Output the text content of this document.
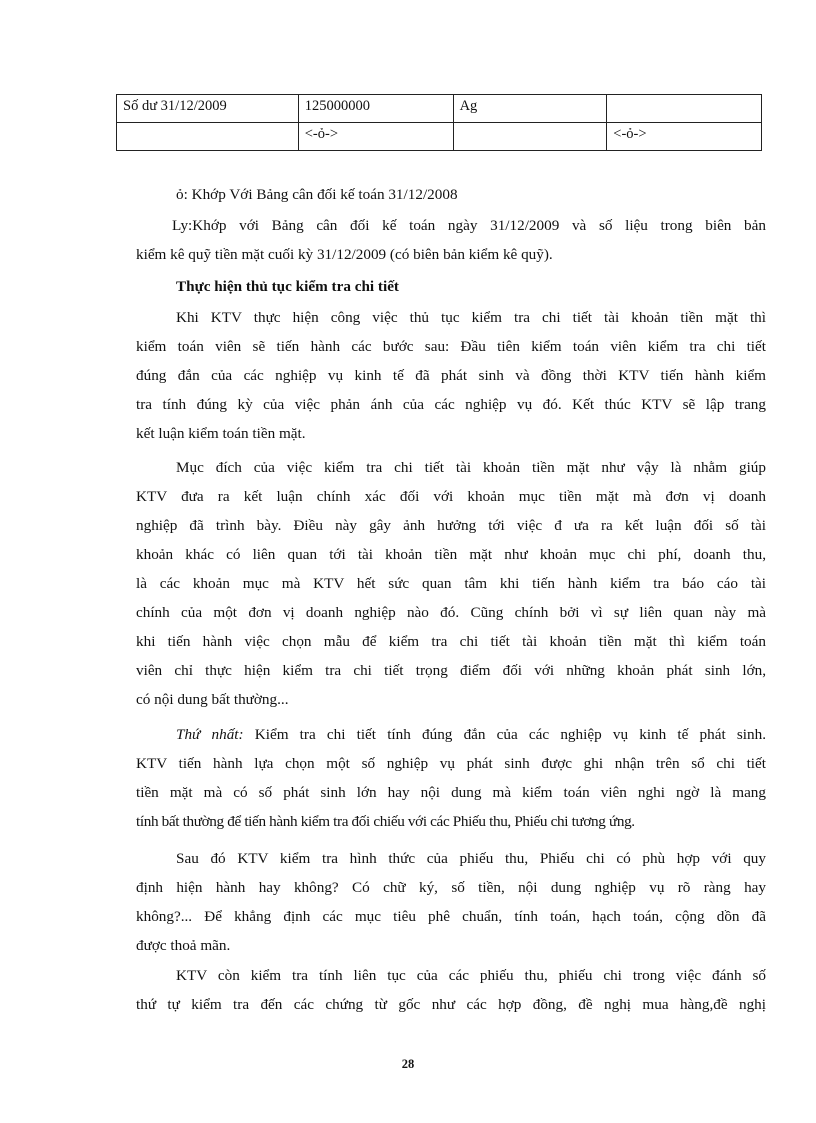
Số dư 31/12/2009	125000000	Ag	
	<-ỏ->		<-ỏ->

ỏ: Khớp Với Bảng cân đối kế toán 31/12/2008

Ly:Khớp với Bảng cân đối kế toán ngày 31/12/2009 và số liệu trong biên bản
kiểm kê quỹ tiền mặt cuối kỳ 31/12/2009 (có biên bản kiểm kê quỹ).

Thực hiện thủ tục kiểm tra chi tiết

Khi KTV thực hiện công việc thủ tục kiểm tra chi tiết tài khoản tiền mặt thì
kiểm toán viên sẽ tiến hành các bước sau: Đầu tiên kiểm toán viên kiểm tra chi tiết
đúng đắn của các nghiệp vụ kinh tế đã phát sinh và đồng thời KTV tiến hành kiểm
tra tính đúng kỳ của việc phản ánh của các nghiệp vụ đó. Kết thúc KTV sẽ lập trang
kết luận kiểm toán tiền mặt.

Mục đích của việc kiểm tra chi tiết tài khoản tiền mặt như vậy là nhằm giúp
KTV đưa ra kết luận chính xác đối với khoản mục tiền mặt mà đơn vị doanh
nghiệp đã trình bày. Điều này gây ảnh hưởng tới việc đ ưa ra kết luận đối số tài
khoản khác có liên quan tới tài khoản tiền mặt như khoản mục chi phí, doanh thu,
là các khoản mục mà KTV hết sức quan tâm khi tiến hành kiểm tra báo cáo tài
chính của một đơn vị doanh nghiệp nào đó. Cũng chính bởi vì sự liên quan này mà
khi tiến hành việc chọn mẫu để kiểm tra chi tiết tài khoản tiền mặt thì kiểm toán
viên chỉ thực hiện kiểm tra chi tiết trọng điểm đối với những khoản phát sinh lớn,
có nội dung bất thường...

Thứ nhất: Kiểm tra chi tiết tính đúng đắn của các nghiệp vụ kinh tế phát sinh.
KTV tiến hành lựa chọn một số nghiệp vụ phát sinh được ghi nhận trên sổ chi tiết
tiền mặt mà có số phát sinh lớn hay nội dung mà kiểm toán viên nghi ngờ là mang
tính bất thường để tiến hành kiểm tra đối chiếu với các Phiếu thu, Phiếu chi tương ứng.

Sau đó KTV kiểm tra hình thức của phiếu thu, Phiếu chi có phù hợp với quy
định hiện hành hay không? Có chữ ký, số tiền, nội dung nghiệp vụ rõ ràng hay
không?... Để khẳng định các mục tiêu phê chuẩn, tính toán, hạch toán, cộng dồn đã
được thoả mãn.

KTV còn kiểm tra tính liên tục của các phiếu thu, phiếu chi trong việc đánh số
thứ tự kiểm tra đến các chứng từ gốc như các hợp đồng, đề nghị mua hàng,đề nghị

28
